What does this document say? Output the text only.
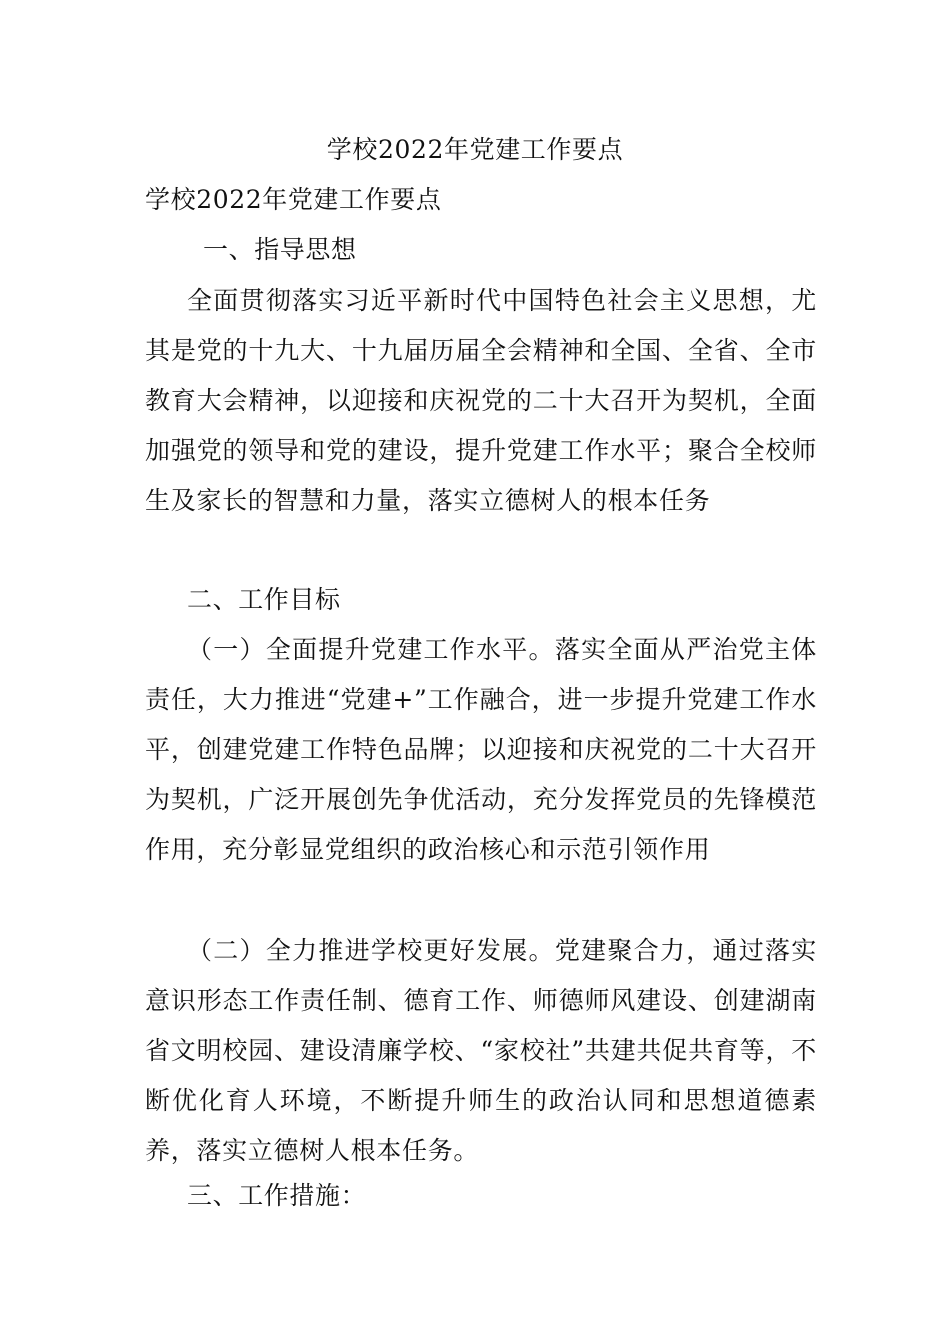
学校2022年党建工作要点
学校2022年党建工作要点
一、指导思想

全面贯彻落实习近平新时代中国特色社会主义思想，尤其是党的十九大、十九届历届全会精神和全国、全省、全市教育大会精神，以迎接和庆祝党的二十大召开为契机，全面加强党的领导和党的建设，提升党建工作水平；聚合全校师生及家长的智慧和力量，落实立德树人的根本任务

二、工作目标

（一）全面提升党建工作水平。落实全面从严治党主体责任，大力推进“党建+”工作融合，进一步提升党建工作水平，创建党建工作特色品牌；以迎接和庆祝党的二十大召开为契机，广泛开展创先争优活动，充分发挥党员的先锋模范作用，充分彰显党组织的政治核心和示范引领作用

（二）全力推进学校更好发展。党建聚合力，通过落实意识形态工作责任制、德育工作、师德师风建设、创建湖南省文明校园、建设清廉学校、“家校社”共建共促共育等，不断优化育人环境，不断提升师生的政治认同和思想道德素养，落实立德树人根本任务。

三、工作措施：
